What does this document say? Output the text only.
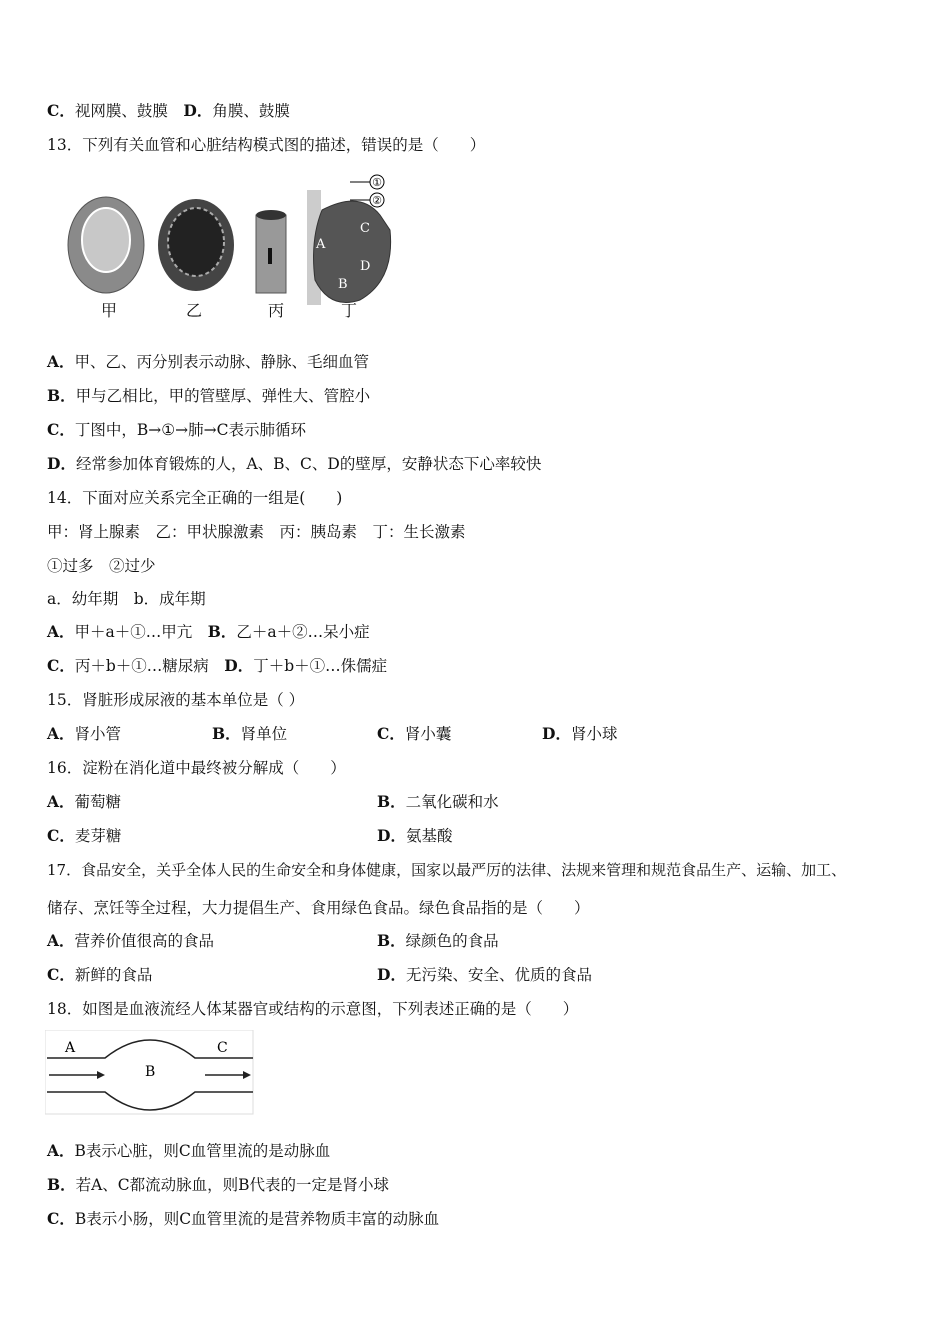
C．视网膜、鼓膜　 D．角膜、鼓膜
13．下列有关血管和心脏结构模式图的描述，错误的是（　　）
①
②
A
B
C
D
甲	乙	丙	丁
A．甲、乙、丙分别表示动脉、静脉、毛细血管
B．甲与乙相比，甲的管壁厚、弹性大、管腔小
C．丁图中，B→①→肺→C表示肺循环
D．经常参加体育锻炼的人，A、B、C、D的壁厚，安静状态下心率较快
14．下面对应关系完全正确的一组是(　　)
甲：肾上腺素　乙：甲状腺激素　丙：胰岛素　丁：生长激素
①过多　②过少
a．幼年期　b．成年期
A．甲＋a＋①…甲亢　 B．乙＋a＋②…呆小症
C．丙＋b＋①…糖尿病　 D．丁＋b＋①…侏儒症
15．肾脏形成尿液的基本单位是（ ）
A．肾小管	B．肾单位	C．肾小囊	D．肾小球
16．淀粉在消化道中最终被分解成（　　）
A．葡萄糖	B．二氧化碳和水
C．麦芽糖	D．氨基酸
17．食品安全，关乎全体人民的生命安全和身体健康，国家以最严厉的法律、法规来管理和规范食品生产、运输、加工、
储存、烹饪等全过程，大力提倡生产、食用绿色食品。绿色食品指的是（　　）
A．营养价值很高的食品	B．绿颜色的食品
C．新鲜的食品	D．无污染、安全、优质的食品
18．如图是血液流经人体某器官或结构的示意图，下列表述正确的是（　　）
A
B
C
A．B表示心脏，则C血管里流的是动脉血
B．若A、C都流动脉血，则B代表的一定是肾小球
C．B表示小肠，则C血管里流的是营养物质丰富的动脉血
